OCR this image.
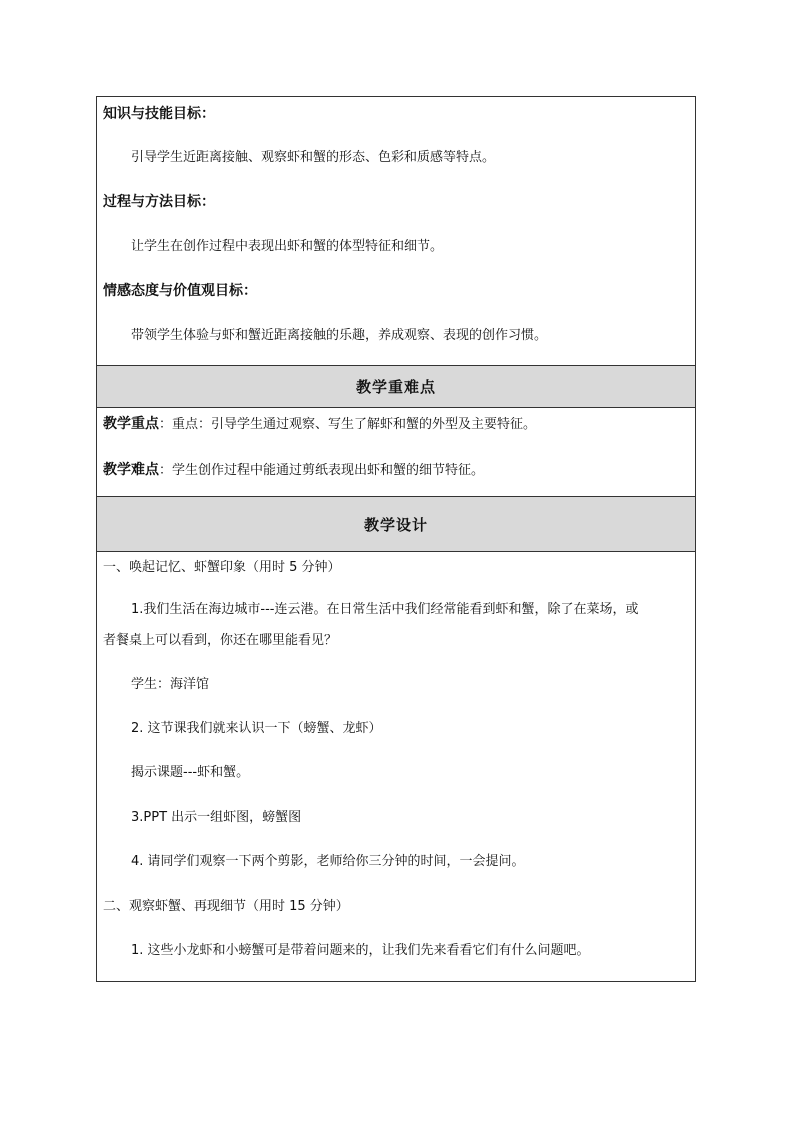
知识与技能目标：
引导学生近距离接触、观察虾和蟹的形态、色彩和质感等特点。
过程与方法目标：
让学生在创作过程中表现出虾和蟹的体型特征和细节。
情感态度与价值观目标：
带领学生体验与虾和蟹近距离接触的乐趣，养成观察、表现的创作习惯。
教学重难点
教学重点：重点：引导学生通过观察、写生了解虾和蟹的外型及主要特征。
教学难点：学生创作过程中能通过剪纸表现出虾和蟹的细节特征。
教学设计
一、唤起记忆、虾蟹印象（用时 5 分钟）
1.我们生活在海边城市---连云港。在日常生活中我们经常能看到虾和蟹，除了在菜场，或
者餐桌上可以看到，你还在哪里能看见？
学生：海洋馆
2. 这节课我们就来认识一下（螃蟹、龙虾）
揭示课题---虾和蟹。
3.PPT 出示一组虾图，螃蟹图
4. 请同学们观察一下两个剪影，老师给你三分钟的时间，一会提问。
二、观察虾蟹、再现细节（用时 15 分钟）
1. 这些小龙虾和小螃蟹可是带着问题来的，让我们先来看看它们有什么问题吧。
